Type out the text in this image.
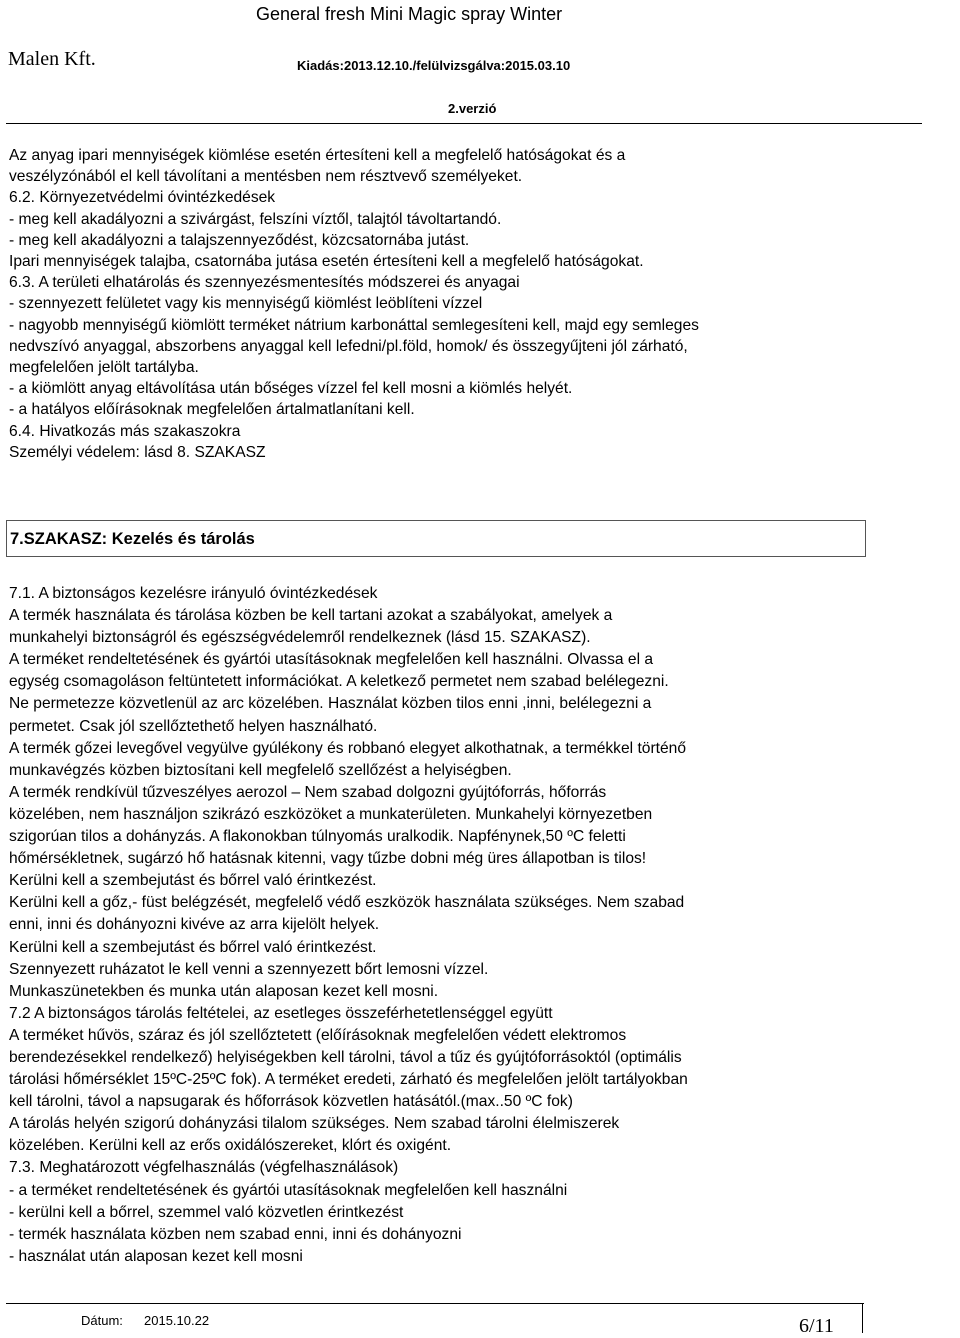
Malen Kft.
General fresh Mini Magic spray Winter
Kiadás:2013.12.10./felülvizsgálva:2015.03.10
2.verzió
Az anyag ipari mennyiségek kiömlése esetén értesíteni kell a megfelelő hatóságokat és a
veszélyzónából el kell távolítani a mentésben nem résztvevő személyeket.
6.2. Környezetvédelmi óvintézkedések
- meg kell akadályozni a szivárgást, felszíni víztől, talajtól távoltartandó.
- meg kell akadályozni a talajszennyeződést, közcsatornába jutást.
Ipari mennyiségek talajba, csatornába jutása esetén értesíteni kell a megfelelő hatóságokat.
6.3. A területi elhatárolás és szennyezésmentesítés módszerei és anyagai
- szennyezett felületet vagy kis mennyiségű kiömlést leöblíteni vízzel
- nagyobb mennyiségű kiömlött terméket nátrium karbonáttal semlegesíteni kell, majd egy semleges
nedvszívó anyaggal, abszorbens anyaggal kell lefedni/pl.föld, homok/ és összegyűjteni jól zárható,
megfelelően jelölt tartályba.
- a kiömlött anyag eltávolítása után bőséges vízzel fel kell mosni a kiömlés helyét.
- a hatályos előírásoknak megfelelően ártalmatlanítani kell.
6.4. Hivatkozás más szakaszokra
Személyi védelem: lásd 8. SZAKASZ
7.SZAKASZ: Kezelés és tárolás
7.1. A biztonságos kezelésre irányuló óvintézkedések
A termék használata és tárolása közben be kell tartani azokat a szabályokat, amelyek a
munkahelyi biztonságról és egészségvédelemről rendelkeznek (lásd 15. SZAKASZ).
A terméket rendeltetésének és gyártói utasításoknak megfelelően kell használni. Olvassa el a
egység csomagoláson feltüntetett információkat. A keletkező permetet nem szabad belélegezni.
Ne permetezze közvetlenül az arc közelében. Használat közben tilos enni ,inni, belélegezni a
permetet. Csak jól szellőztethető helyen használható.
A termék gőzei levegővel vegyülve gyúlékony és robbanó elegyet alkothatnak, a termékkel történő
munkavégzés közben biztosítani kell megfelelő szellőzést a helyiségben.
A termék rendkívül tűzveszélyes aerozol – Nem szabad dolgozni gyújtóforrás, hőforrás
közelében, nem használjon szikrázó eszközöket a munkaterületen. Munkahelyi környezetben
szigorúan tilos a dohányzás. A flakonokban túlnyomás uralkodik. Napfénynek,50 ºC feletti
hőmérsékletnek, sugárzó hő hatásnak kitenni, vagy tűzbe dobni még üres állapotban is tilos!
Kerülni kell a szembejutást és bőrrel való érintkezést.
Kerülni kell a gőz,- füst belégzését, megfelelő védő eszközök használata szükséges. Nem szabad
enni, inni és dohányozni kivéve az arra kijelölt helyek.
Kerülni kell a szembejutást és bőrrel való érintkezést.
Szennyezett ruházatot le kell venni a szennyezett bőrt lemosni vízzel.
Munkaszünetekben és munka után alaposan kezet kell mosni.
7.2 A biztonságos tárolás feltételei, az esetleges összeférhetetlenséggel együtt
A terméket hűvös, száraz és jól szellőztetett (előírásoknak megfelelően védett elektromos
berendezésekkel rendelkező) helyiségekben kell tárolni, távol a tűz és gyújtóforrásoktól (optimális
tárolási hőmérséklet 15ºC-25ºC fok). A terméket eredeti, zárható és megfelelően jelölt tartályokban
kell tárolni, távol a napsugarak és hőforrások közvetlen hatásától.(max..50 ºC fok)
A tárolás helyén szigorú dohányzási tilalom szükséges. Nem szabad tárolni élelmiszerek
közelében. Kerülni kell az erős oxidálószereket, klórt és oxigént.
7.3. Meghatározott végfelhasználás (végfelhasználások)
- a terméket rendeltetésének és gyártói utasításoknak megfelelően kell használni
- kerülni kell a bőrrel, szemmel való közvetlen érintkezést
- termék használata közben nem szabad enni, inni és dohányozni
- használat után alaposan kezet kell mosni
Dátum: 2015.10.22	6/11
